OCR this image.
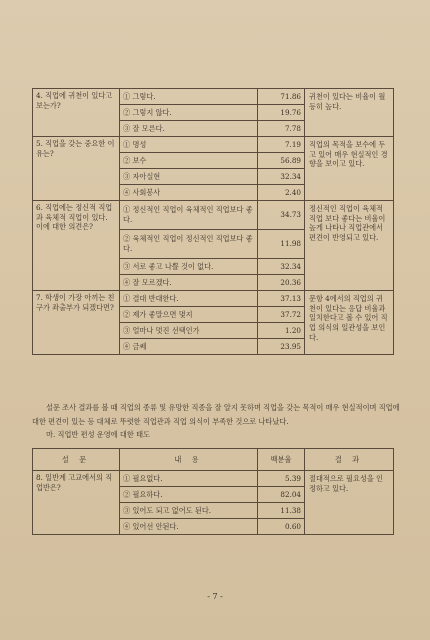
4. 직업에 귀천이 있다고 보는가?	① 그렇다.	71.86	귀천이 있다는 비율이 월등히 높다.
	② 그렇지 않다.	19.76	
	③ 잘 모른다.	7.78	
5. 직업을 갖는 중요한 이유는?	① 명성	7.19	직업의 목적을 보수에 두고 있어 매우 현실적인 경향을 보이고 있다.
	② 보수	56.89	
	③ 자아실현	32.34	
	④ 사회봉사	2.40	
6. 직업에는 정신적 직업과 육체적 직업이 있다. 이에 대한 의견은?	① 정신적인 직업이 육체적인 직업보다 좋다.	34.73	정신적인 직업이 육체적 직업 보다 좋다는 비율이 높게 나타나 직업관에서 편견이 반영되고 있다.
	② 육체적인 직업이 정신적인 직업보다 좋다.	11.98	
	③ 서로 좋고 나쁠 것이 없다.	32.34	
	④ 잘 모르겠다.	20.36	
7. 학생이 가장 아끼는 친구가 좌출부가 되겠다면?	① 결대 반대한다.	37.13	문항 4에서의 직업의 귀천이 있다는 응답 비율과 일치한다고 볼 수 있어 직업 의식의 일관성을 보인다.
	② 제가 좋말으면 몇지	37.72	
	③ 얼마나 멋진 선택인가	1.20	
	④ 금쎄	23.95	

설문 조사 결과를 볼 때 직업의 종류 및 유망한 직종을 잘 알지 못하며 직업을 갖는 목적이 매우 현실적이며 직업에 대한 편견이 있는 등 대체로 뚜렷한 직업관과 직업 의식이 부족한 것으로 나타났다.

마. 직업반 편성 운영에 대한 태도

설 문	내 용	백분율	결 과
8. 일반계 고교에서의 직업반은?	① 필요없다.	5.39	절대적으로 필요성을 인정하고 있다.
	② 필요하다.	82.04	
	③ 있어도 되고 없어도 된다.	11.38	
	④ 있어선 안된다.	0.60	
- 7 -
